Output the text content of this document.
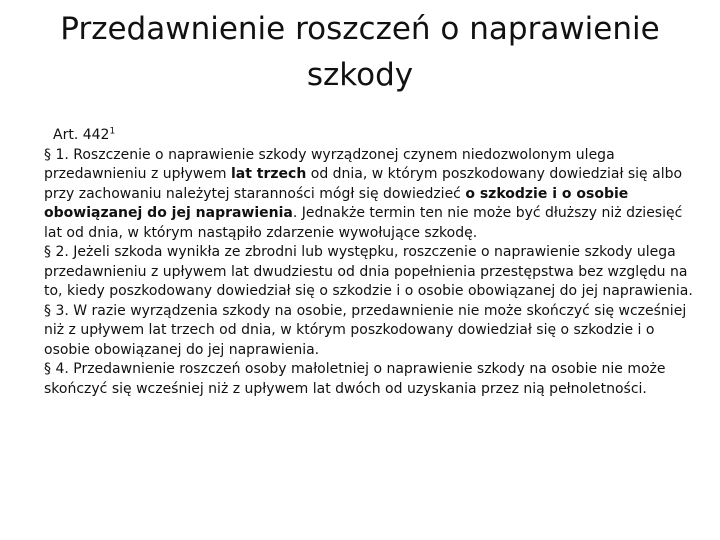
Przedawnienie roszczeń o naprawienie szkody

Art. $442^1$

§ 1. Roszczenie o naprawienie szkody wyrządzonej czynem niedozwolonym ulega przedawnieniu z upływem lat trzech od dnia, w którym poszkodowany dowiedział się albo przy zachowaniu należytej staranności mógł się dowiedzieć o szkodzie i o osobie obowiązanej do jej naprawienia. Jednakże termin ten nie może być dłuższy niż dziesięć lat od dnia, w którym nastąpiło zdarzenie wywołujące szkodę.

§ 2. Jeżeli szkoda wynikła ze zbrodni lub występku, roszczenie o naprawienie szkody ulega przedawnieniu z upływem lat dwudziestu od dnia popełnienia przestępstwa bez względu na to, kiedy poszkodowany dowiedział się o szkodzie i o osobie obowiązanej do jej naprawienia.

§ 3. W razie wyrządzenia szkody na osobie, przedawnienie nie może skończyć się wcześniej niż z upływem lat trzech od dnia, w którym poszkodowany dowiedział się o szkodzie i o osobie obowiązanej do jej naprawienia.

§ 4. Przedawnienie roszczeń osoby małoletniej o naprawienie szkody na osobie nie może skończyć się wcześniej niż z upływem lat dwóch od uzyskania przez nią pełnoletności.
